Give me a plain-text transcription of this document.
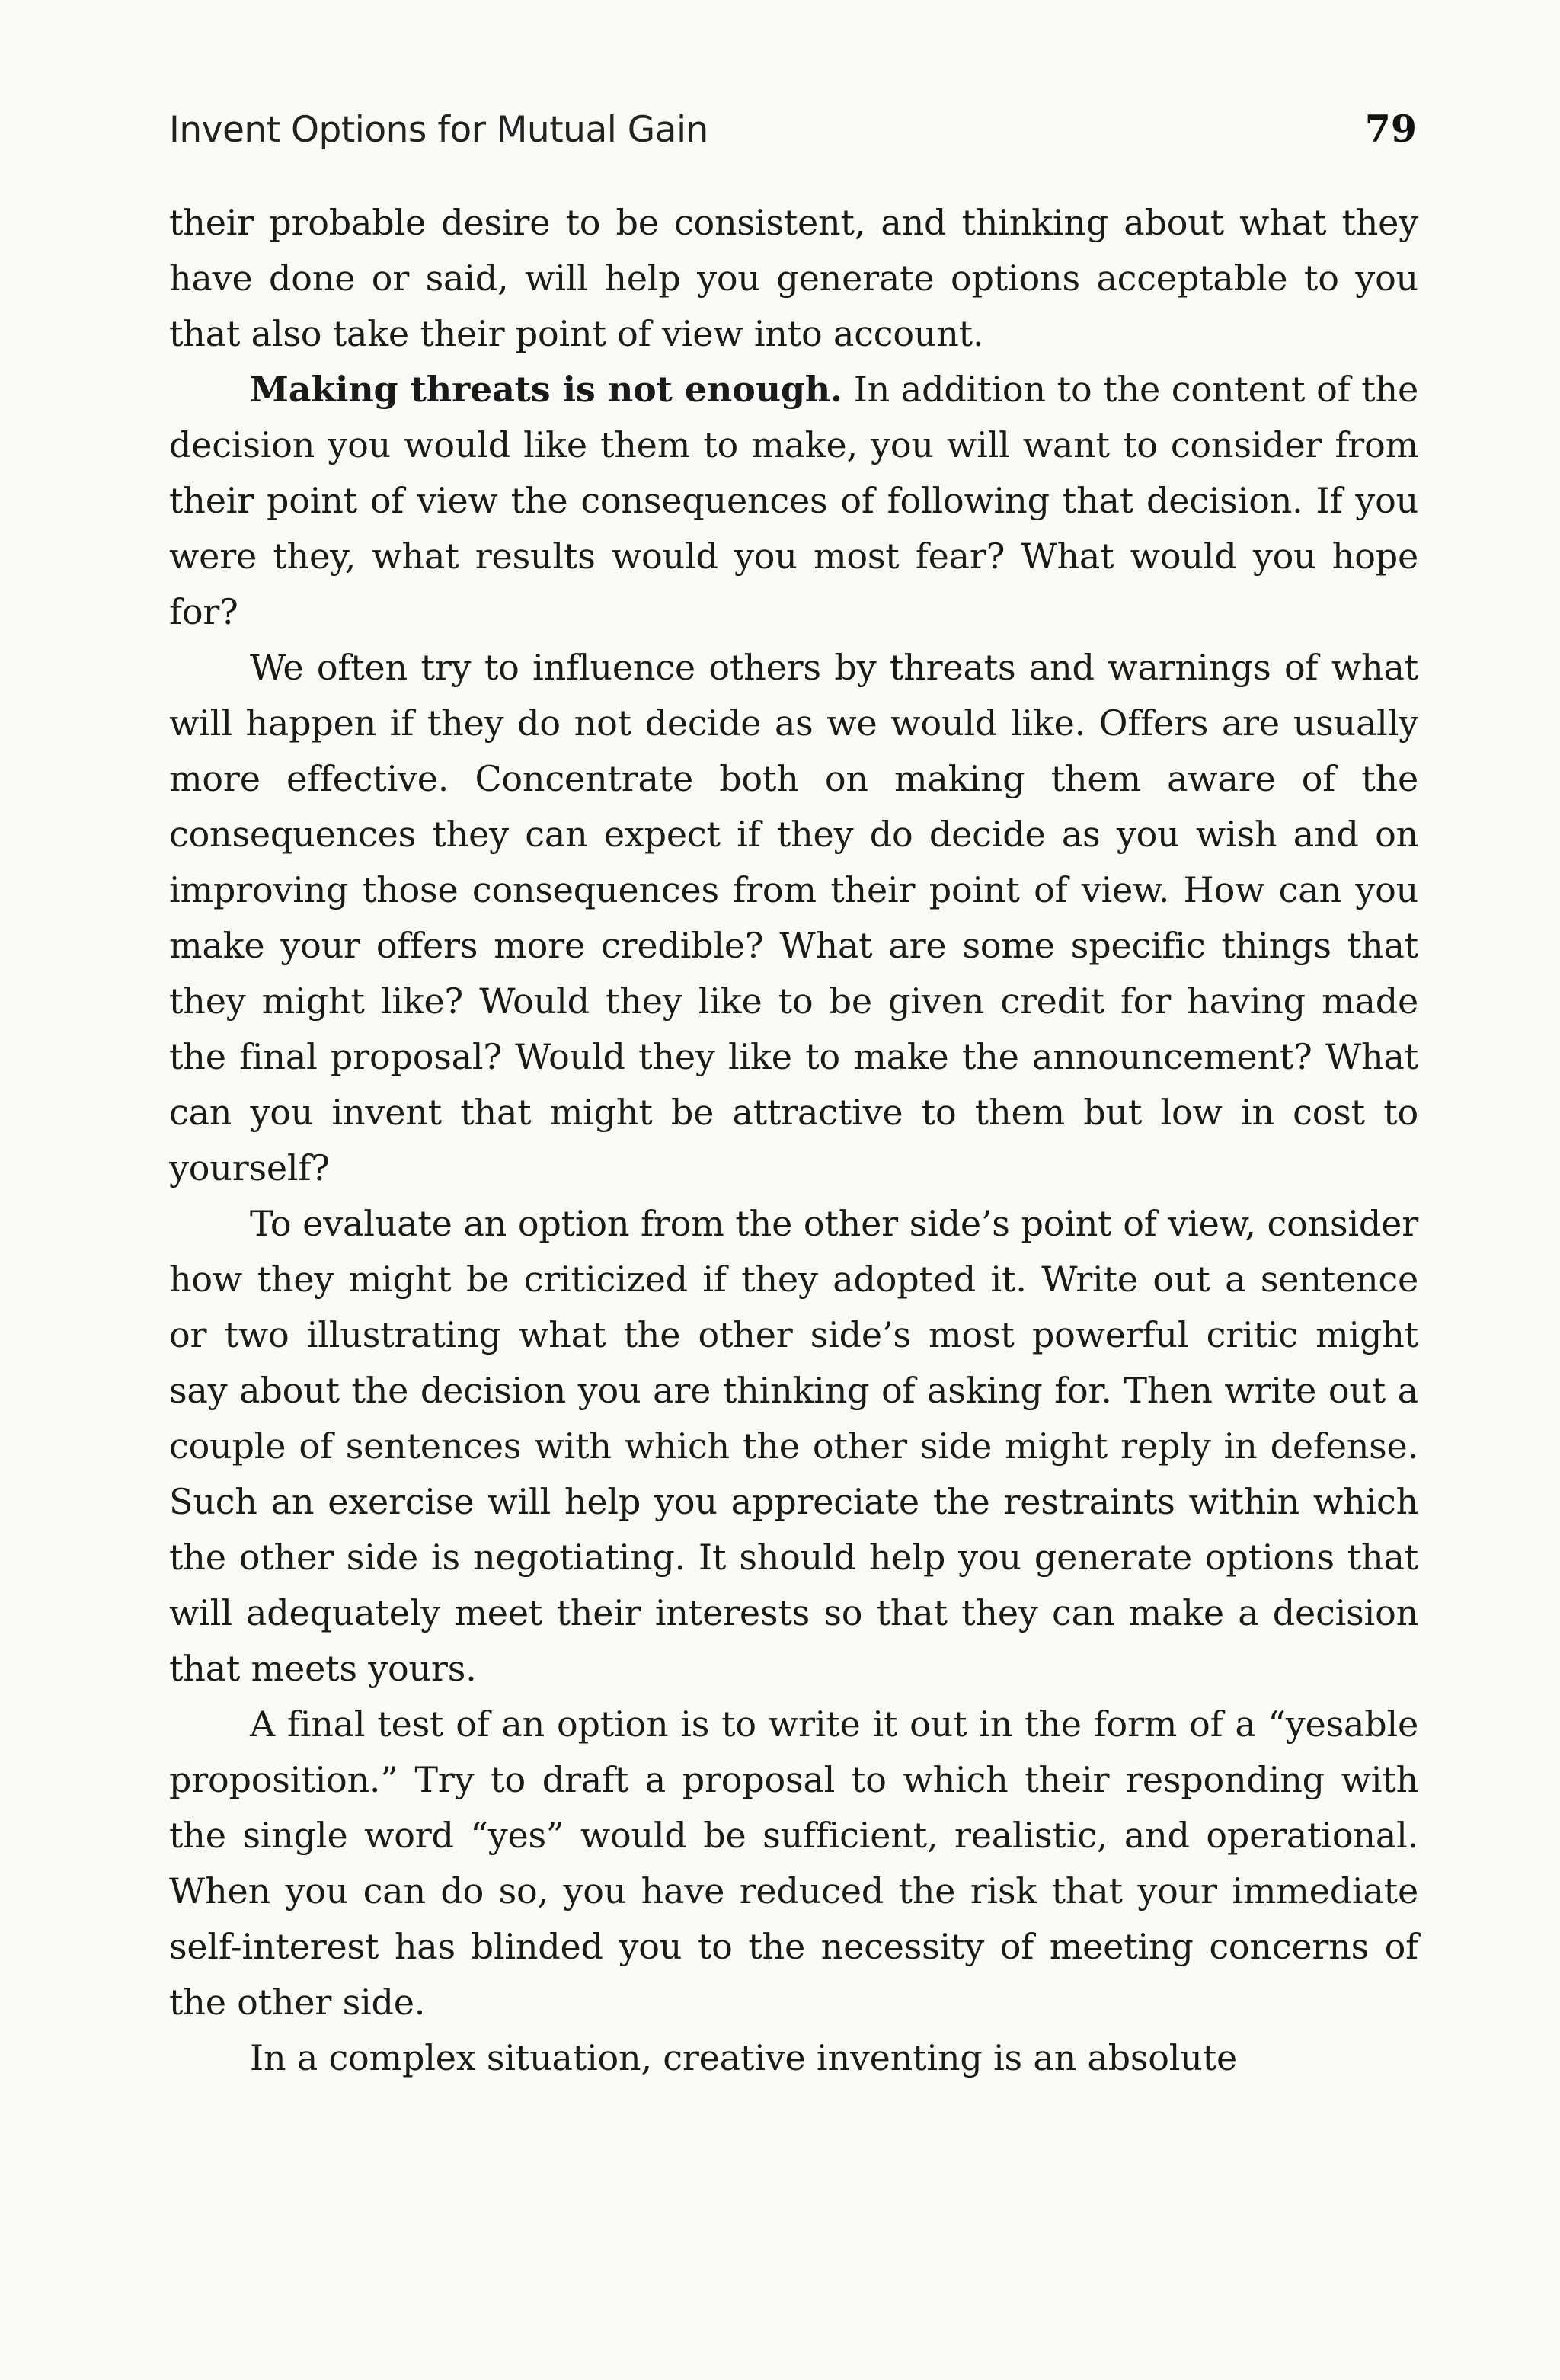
Invent Options for Mutual Gain	79

their probable desire to be consistent, and thinking about what they have done or said, will help you generate options acceptable to you that also take their point of view into account.

Making threats is not enough. In addition to the content of the decision you would like them to make, you will want to consider from their point of view the consequences of following that decision. If you were they, what results would you most fear? What would you hope for?

We often try to influence others by threats and warnings of what will happen if they do not decide as we would like. Offers are usually more effective. Concentrate both on making them aware of the consequences they can expect if they do decide as you wish and on improving those consequences from their point of view. How can you make your offers more credible? What are some specific things that they might like? Would they like to be given credit for having made the final proposal? Would they like to make the announcement? What can you invent that might be attractive to them but low in cost to yourself?

To evaluate an option from the other side’s point of view, consider how they might be criticized if they adopted it. Write out a sentence or two illustrating what the other side’s most powerful critic might say about the decision you are thinking of asking for. Then write out a couple of sentences with which the other side might reply in defense. Such an exercise will help you appreciate the restraints within which the other side is negotiating. It should help you generate options that will adequately meet their interests so that they can make a decision that meets yours.

A final test of an option is to write it out in the form of a “yesable proposition.” Try to draft a proposal to which their responding with the single word “yes” would be sufficient, realistic, and operational. When you can do so, you have reduced the risk that your immediate self-interest has blinded you to the necessity of meeting concerns of the other side.

In a complex situation, creative inventing is an absolute
